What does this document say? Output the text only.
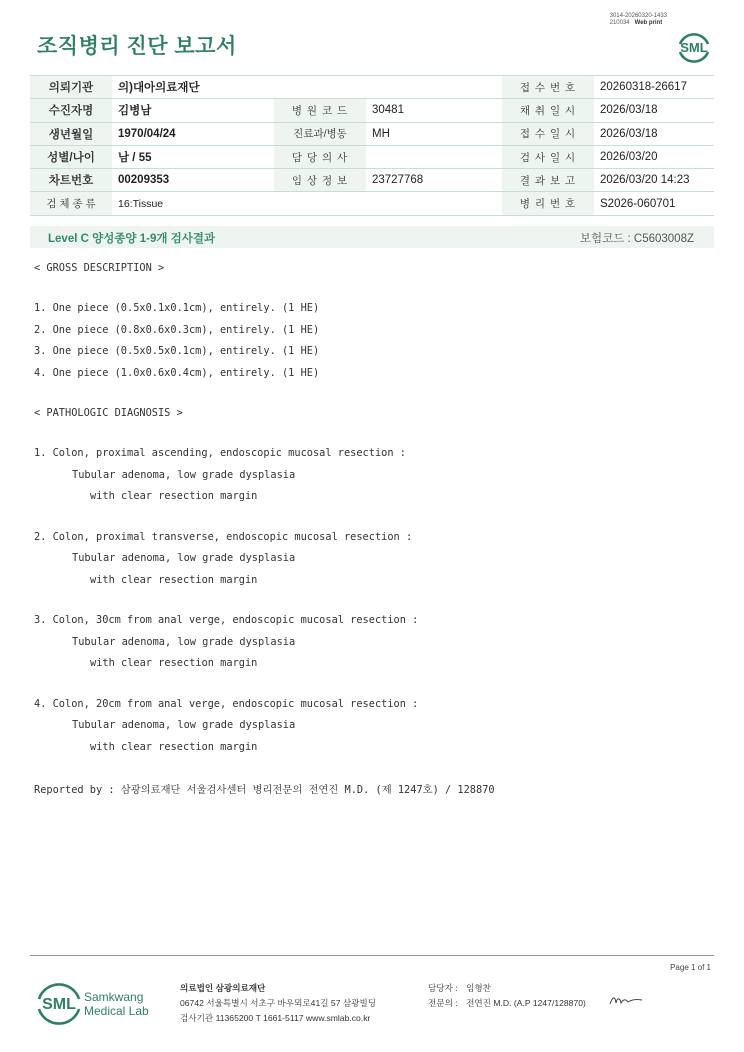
조직병리 진단 보고서
3014-20260320-1433
210034 Web print
SML
의뢰기관	의)대아의료재단			접 수 번 호	20260318-26617
수진자명	김병남	병 원 코 드	30481	채 취 일 시	2026/03/18
생년월일	1970/04/24	진료과/병동	MH	접 수 일 시	2026/03/18
성별/나이	남 / 55	담 당 의 사		검 사 일 시	2026/03/20
차트번호	00209353	임 상 정 보	23727768	결 과 보 고	2026/03/20 14:23
검 체 종 류	16:Tissue			병 리 번 호	S2026-060701
Level C 양성종양 1-9개 검사결과	보험코드 : C5603008Z
< GROSS DESCRIPTION >
1. One piece (0.5x0.1x0.1cm), entirely. (1 HE)
2. One piece (0.8x0.6x0.3cm), entirely. (1 HE)
3. One piece (0.5x0.5x0.1cm), entirely. (1 HE)
4. One piece (1.0x0.6x0.4cm), entirely. (1 HE)
< PATHOLOGIC DIAGNOSIS >
1. Colon, proximal ascending, endoscopic mucosal resection :
Tubular adenoma, low grade dysplasia
with clear resection margin
2. Colon, proximal transverse, endoscopic mucosal resection :
Tubular adenoma, low grade dysplasia
with clear resection margin
3. Colon, 30cm from anal verge, endoscopic mucosal resection :
Tubular adenoma, low grade dysplasia
with clear resection margin
4. Colon, 20cm from anal verge, endoscopic mucosal resection :
Tubular adenoma, low grade dysplasia
with clear resection margin
Reported by : 삼광의료재단 서울검사센터 병리전문의 전연진 M.D. (제 1247호) / 128870
Page 1 of 1
SML Samkwang
Medical Lab
의료법인 삼광의료재단
06742 서울특별시 서초구 바우뫼로41길 57 삼광빌딩
검사기관 11365200 T 1661-5117 www.smlab.co.kr
담당자 : 임형찬
전문의 : 전연진 M.D. (A.P 1247/128870)
